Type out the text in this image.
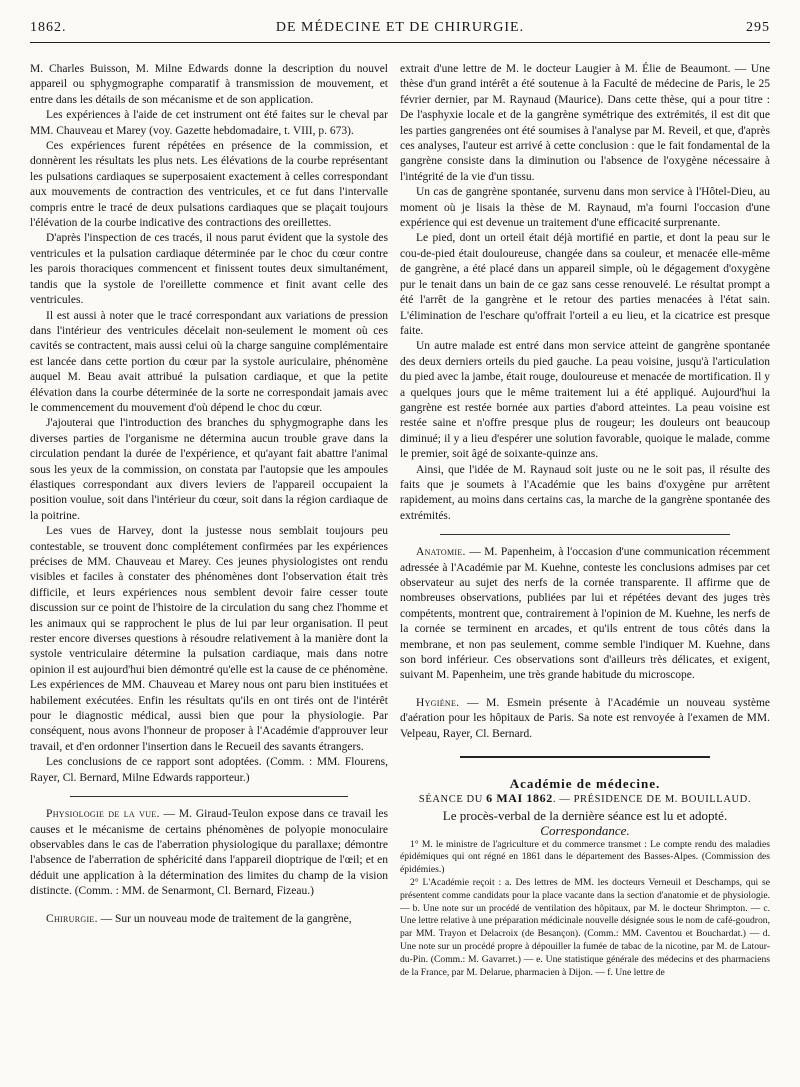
1862.	DE MÉDECINE ET DE CHIRURGIE.	295

M. Charles Buisson, M. Milne Edwards donne la description du nouvel appareil ou sphygmographe comparatif à transmission de mouvement, et entre dans les détails de son mécanisme et de son application.

Les expériences à l'aide de cet instrument ont été faites sur le cheval par MM. Chauveau et Marey (voy. Gazette hebdomadaire, t. VIII, p. 673).

Ces expériences furent répétées en présence de la commission, et donnèrent les résultats les plus nets. Les élévations de la courbe représentant les pulsations cardiaques se superposaient exactement à celles correspondant aux mouvements de contraction des ventricules, et ce fut dans l'intervalle compris entre le tracé de deux pulsations cardiaques que se plaçait toujours l'élévation de la courbe indicative des contractions des oreillettes.

D'après l'inspection de ces tracés, il nous parut évident que la systole des ventricules et la pulsation cardiaque déterminée par le choc du cœur contre les parois thoraciques commencent et finissent toutes deux simultanément, tandis que la systole de l'oreillette commence et finit avant celle des ventricules.

Il est aussi à noter que le tracé correspondant aux variations de pression dans l'intérieur des ventricules décelait non-seulement le moment où ces cavités se contractent, mais aussi celui où la charge sanguine complémentaire est lancée dans cette portion du cœur par la systole auriculaire, phénomène auquel M. Beau avait attribué la pulsation cardiaque, et que la petite élévation dans la courbe déterminée de la sorte ne correspondait jamais avec le commencement du mouvement d'où dépend le choc du cœur.

J'ajouterai que l'introduction des branches du sphygmographe dans les diverses parties de l'organisme ne détermina aucun trouble grave dans la circulation pendant la durée de l'expérience, et qu'ayant fait abattre l'animal sous les yeux de la commission, on constata par l'autopsie que les ampoules élastiques correspondant aux divers leviers de l'appareil occupaient la position voulue, soit dans l'intérieur du cœur, soit dans la région cardiaque de la poitrine.

Les vues de Harvey, dont la justesse nous semblait toujours peu contestable, se trouvent donc complétement confirmées par les expériences précises de MM. Chauveau et Marey. Ces jeunes physiologistes ont rendu visibles et faciles à constater des phénomènes dont l'observation était très difficile, et leurs expériences nous semblent devoir faire cesser toute discussion sur ce point de l'histoire de la circulation du sang chez l'homme et les animaux qui se rapprochent le plus de lui par leur organisation. Il peut rester encore diverses questions à résoudre relativement à la manière dont la systole ventriculaire détermine la pulsation cardiaque, mais dans notre opinion il est aujourd'hui bien démontré qu'elle est la cause de ce phénomène. Les expériences de MM. Chauveau et Marey nous ont paru bien instituées et habilement exécutées. Enfin les résultats qu'ils en ont tirés ont de l'intérêt pour le diagnostic médical, aussi bien que pour la physiologie. Par conséquent, nous avons l'honneur de proposer à l'Académie d'approuver leur travail, et d'en ordonner l'insertion dans le Recueil des savants étrangers.

Les conclusions de ce rapport sont adoptées. (Comm. : MM. Flourens, Rayer, Cl. Bernard, Milne Edwards rapporteur.)

Physiologie de la vue. — M. Giraud-Teulon expose dans ce travail les causes et le mécanisme de certains phénomènes de polyopie monoculaire observables dans le cas de l'aberration physiologique du parallaxe; démontre l'absence de l'aberration de sphéricité dans l'appareil dioptrique de l'œil; et en déduit une application à la détermination des limites du champ de la vision distincte. (Comm. : MM. de Senarmont, Cl. Bernard, Fizeau.)

Chirurgie. — Sur un nouveau mode de traitement de la gangrène,

extrait d'une lettre de M. le docteur Laugier à M. Élie de Beaumont. — Une thèse d'un grand intérêt a été soutenue à la Faculté de médecine de Paris, le 25 février dernier, par M. Raynaud (Maurice). Dans cette thèse, qui a pour titre : De l'asphyxie locale et de la gangrène symétrique des extrémités, il est dit que les parties gangrenées ont été soumises à l'analyse par M. Reveil, et que, d'après ces analyses, l'auteur est arrivé à cette conclusion : que le fait fondamental de la gangrène consiste dans la diminution ou l'absence de l'oxygène nécessaire à l'intégrité de la vie d'un tissu.

Un cas de gangrène spontanée, survenu dans mon service à l'Hôtel-Dieu, au moment où je lisais la thèse de M. Raynaud, m'a fourni l'occasion d'une expérience qui est devenue un traitement d'une efficacité surprenante.

Le pied, dont un orteil était déjà mortifié en partie, et dont la peau sur le cou-de-pied était douloureuse, changée dans sa couleur, et menacée elle-même de gangrène, a été placé dans un appareil simple, où le dégagement d'oxygène pur le tenait dans un bain de ce gaz sans cesse renouvelé. Le résultat prompt a été l'arrêt de la gangrène et le retour des parties menacées à l'état sain. L'élimination de l'eschare qu'offrait l'orteil a eu lieu, et la cicatrice est presque faite.

Un autre malade est entré dans mon service atteint de gangrène spontanée des deux derniers orteils du pied gauche. La peau voisine, jusqu'à l'articulation du pied avec la jambe, était rouge, douloureuse et menacée de mortification. Il y a quelques jours que le même traitement lui a été appliqué. Aujourd'hui la gangrène est restée bornée aux parties d'abord atteintes. La peau voisine est restée saine et n'offre presque plus de rougeur; les douleurs ont beaucoup diminué; il y a lieu d'espérer une solution favorable, quoique le malade, comme le premier, soit âgé de soixante-quinze ans.

Ainsi, que l'idée de M. Raynaud soit juste ou ne le soit pas, il résulte des faits que je soumets à l'Académie que les bains d'oxygène pur arrêtent rapidement, au moins dans certains cas, la marche de la gangrène spontanée des extrémités.

Anatomie. — M. Papenheim, à l'occasion d'une communication récemment adressée à l'Académie par M. Kuehne, conteste les conclusions admises par cet observateur au sujet des nerfs de la cornée transparente. Il affirme que de nombreuses observations, publiées par lui et répétées devant des juges très compétents, montrent que, contrairement à l'opinion de M. Kuehne, les nerfs de la cornée se terminent en arcades, et qu'ils entrent de tous côtés dans la membrane, et non pas seulement, comme semble l'indiquer M. Kuehne, dans son bord inférieur. Ces observations sont d'ailleurs très délicates, et exigent, suivant M. Papenheim, une très grande habitude du microscope.

Hygiène. — M. Esmein présente à l'Académie un nouveau système d'aération pour les hôpitaux de Paris. Sa note est renvoyée à l'examen de MM. Velpeau, Rayer, Cl. Bernard.

Académie de médecine.

SÉANCE DU 6 MAI 1862. — PRÉSIDENCE DE M. BOUILLAUD.

Le procès-verbal de la dernière séance est lu et adopté.

Correspondance.

1° M. le ministre de l'agriculture et du commerce transmet : Le compte rendu des maladies épidémiques qui ont régné en 1861 dans le département des Basses-Alpes. (Commission des épidémies.)

2° L'Académie reçoit : a. Des lettres de MM. les docteurs Verneuil et Deschamps, qui se présentent comme candidats pour la place vacante dans la section d'anatomie et de physiologie. — b. Une note sur un procédé de ventilation des hôpitaux, par M. le docteur Shrimpton. — c. Une lettre relative à une préparation médicinale nouvelle désignée sous le nom de café-goudron, par MM. Trayon et Delacroix (de Besançon). (Comm.: MM. Caventou et Bouchardat.) — d. Une note sur un procédé propre à dépouiller la fumée de tabac de la nicotine, par M. de Latour-du-Pin. (Comm.: M. Gavarret.) — e. Une statistique générale des médecins et des pharmaciens de la France, par M. Delarue, pharmacien à Dijon. — f. Une lettre de
